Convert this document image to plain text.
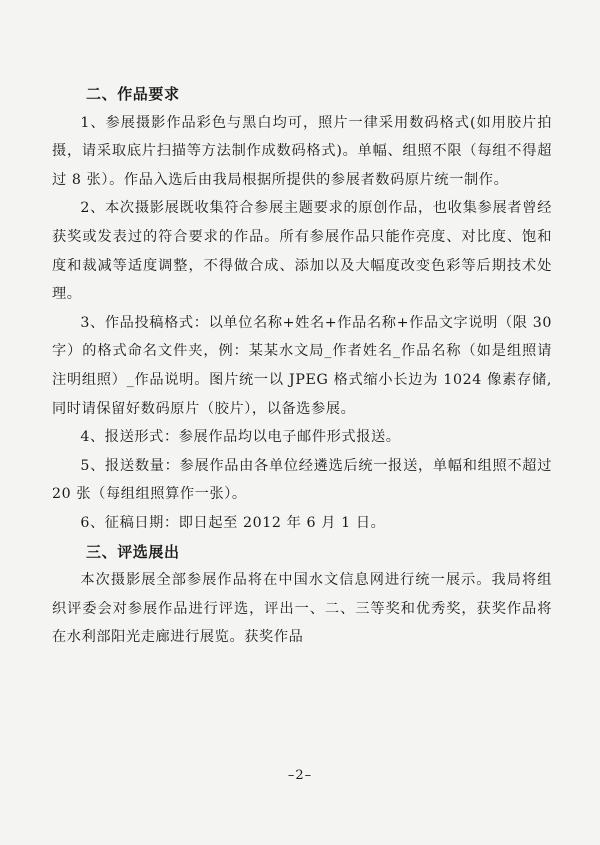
二、作品要求

1、参展摄影作品彩色与黑白均可，照片一律采用数码格式(如用胶片拍摄，请采取底片扫描等方法制作成数码格式)。单幅、组照不限（每组不得超过 8 张）。作品入选后由我局根据所提供的参展者数码原片统一制作。

2、本次摄影展既收集符合参展主题要求的原创作品，也收集参展者曾经获奖或发表过的符合要求的作品。所有参展作品只能作亮度、对比度、饱和度和裁减等适度调整，不得做合成、添加以及大幅度改变色彩等后期技术处理。

3、作品投稿格式：以单位名称+姓名+作品名称+作品文字说明（限 30 字）的格式命名文件夹，例：某某水文局_作者姓名_作品名称（如是组照请注明组照）_作品说明。图片统一以 JPEG 格式缩小长边为 1024 像素存储,同时请保留好数码原片（胶片），以备选参展。

4、报送形式：参展作品均以电子邮件形式报送。

5、报送数量：参展作品由各单位经遴选后统一报送，单幅和组照不超过 20 张（每组组照算作一张）。

6、征稿日期：即日起至 2012 年 6 月 1 日。

三、评选展出

本次摄影展全部参展作品将在中国水文信息网进行统一展示。我局将组织评委会对参展作品进行评选，评出一、二、三等奖和优秀奖，获奖作品将在水利部阳光走廊进行展览。获奖作品

–2–
